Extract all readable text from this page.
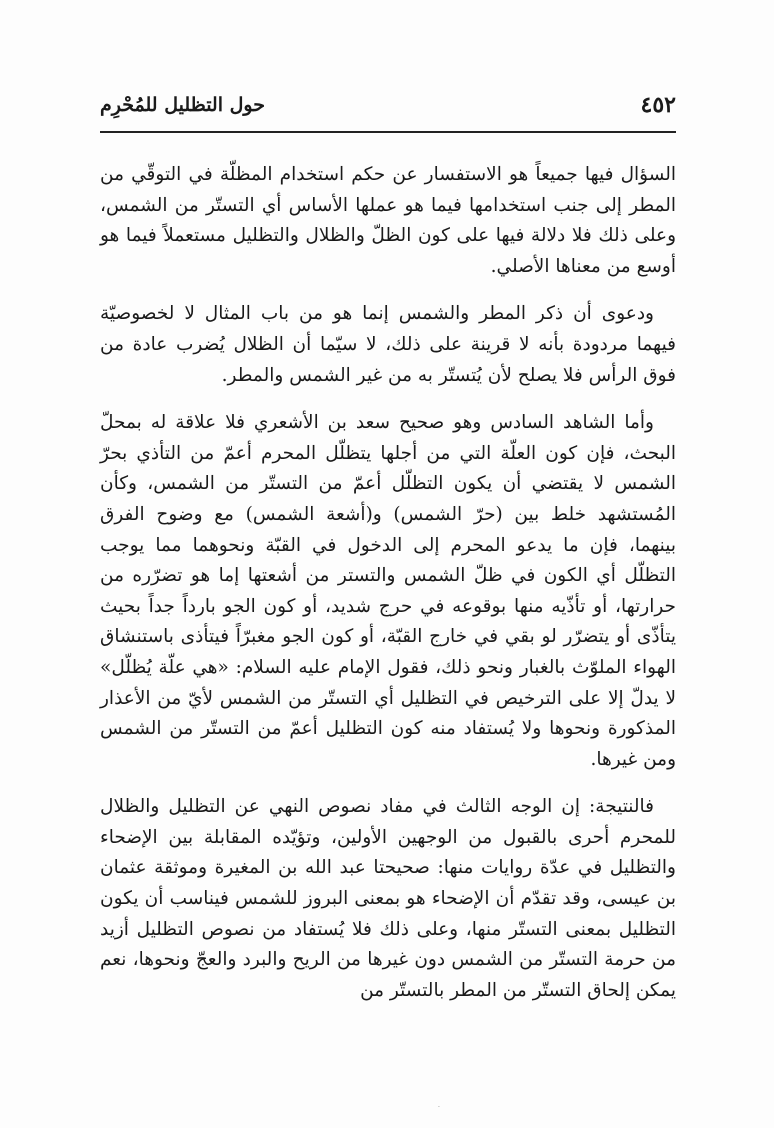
٤٥٢
حول التظليل للمُحْرِم

السؤال فيها جميعاً هو الاستفسار عن حكم استخدام المظلّة في التوقّي من المطر إلى جنب استخدامها فيما هو عملها الأساس أي التستّر من الشمس، وعلى ذلك فلا دلالة فيها على كون الظلّ والظلال والتظليل مستعملاً فيما هو أوسع من معناها الأصلي.

ودعوى أن ذكر المطر والشمس إنما هو من باب المثال لا لخصوصيّة فيهما مردودة بأنه لا قرينة على ذلك، لا سيّما أن الظلال يُضرب عادة من فوق الرأس فلا يصلح لأن يُتستّر به من غير الشمس والمطر.

وأما الشاهد السادس وهو صحيح سعد بن الأشعري فلا علاقة له بمحلّ البحث، فإن كون العلّة التي من أجلها يتظلّل المحرم أعمّ من التأذي بحرّ الشمس لا يقتضي أن يكون التظلّل أعمّ من التستّر من الشمس، وكأن المُستشهد خلط بين (حرّ الشمس) و(أشعة الشمس) مع وضوح الفرق بينهما، فإن ما يدعو المحرم إلى الدخول في القبّة ونحوهما مما يوجب التظلّل أي الكون في ظلّ الشمس والتستر من أشعتها إما هو تضرّره من حرارتها، أو تأذّيه منها بوقوعه في حرج شديد، أو كون الجو بارداً جداً بحيث يتأذّى أو يتضرّر لو بقي في خارج القبّة، أو كون الجو مغبرّاً فيتأذى باستنشاق الهواء الملوّث بالغبار ونحو ذلك، فقول الإمام عليه السلام: «هي علّة يُظلّل» لا يدلّ إلا على الترخيص في التظليل أي التستّر من الشمس لأيّ من الأعذار المذكورة ونحوها ولا يُستفاد منه كون التظليل أعمّ من التستّر من الشمس ومن غيرها.

فالنتيجة: إن الوجه الثالث في مفاد نصوص النهي عن التظليل والظلال للمحرم أحرى بالقبول من الوجهين الأولين، وتؤيّده المقابلة بين الإضحاء والتظليل في عدّة روايات منها: صحيحتا عبد الله بن المغيرة وموثقة عثمان بن عيسى، وقد تقدّم أن الإضحاء هو بمعنى البروز للشمس فيناسب أن يكون التظليل بمعنى التستّر منها، وعلى ذلك فلا يُستفاد من نصوص التظليل أزيد من حرمة التستّر من الشمس دون غيرها من الريح والبرد والعجّ ونحوها، نعم يمكن إلحاق التستّر من المطر بالتستّر من

·
